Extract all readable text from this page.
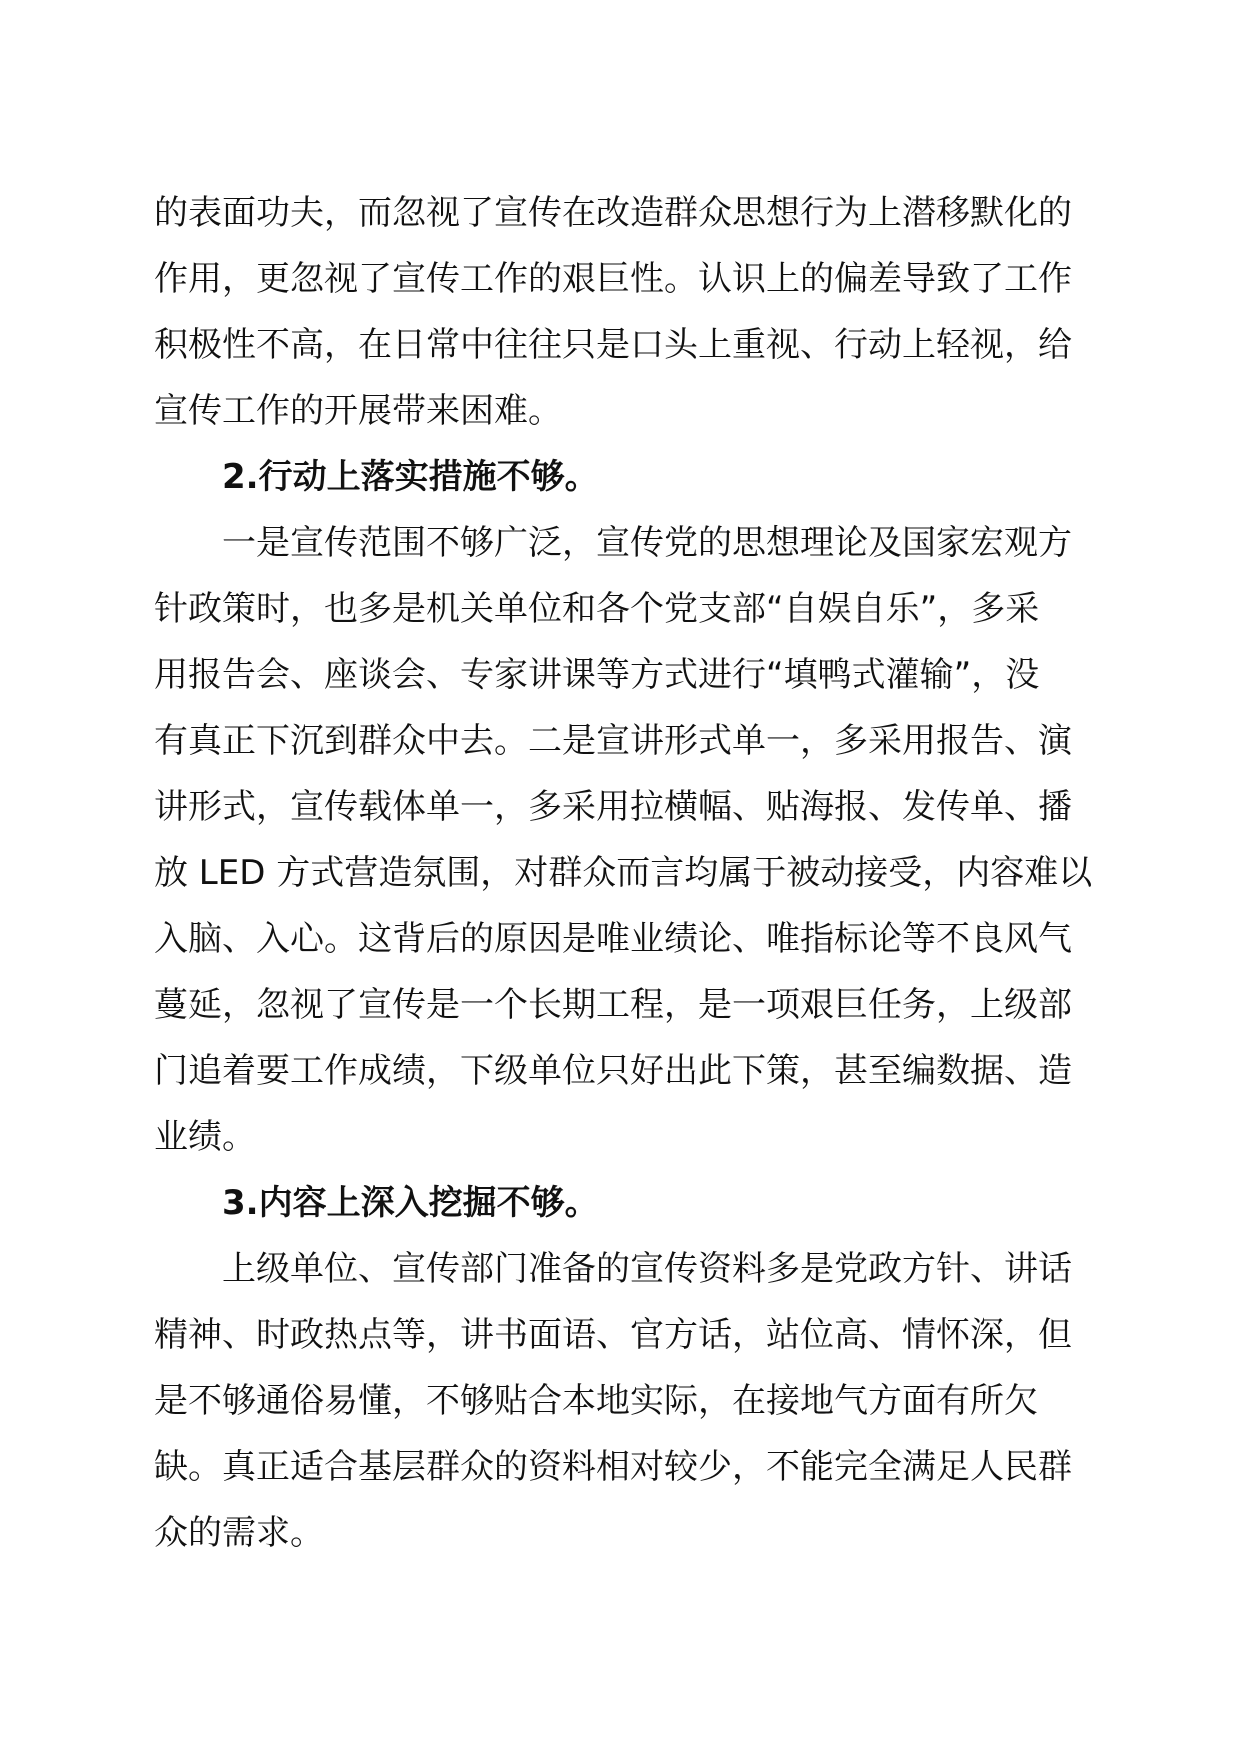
的表面功夫，而忽视了宣传在改造群众思想行为上潜移默化的
作用，更忽视了宣传工作的艰巨性。认识上的偏差导致了工作
积极性不高，在日常中往往只是口头上重视、行动上轻视，给
宣传工作的开展带来困难。
2.行动上落实措施不够。
一是宣传范围不够广泛，宣传党的思想理论及国家宏观方
针政策时，也多是机关单位和各个党支部“自娱自乐”，多采
用报告会、座谈会、专家讲课等方式进行“填鸭式灌输”，没
有真正下沉到群众中去。二是宣讲形式单一，多采用报告、演
讲形式，宣传载体单一，多采用拉横幅、贴海报、发传单、播
放 LED 方式营造氛围，对群众而言均属于被动接受，内容难以
入脑、入心。这背后的原因是唯业绩论、唯指标论等不良风气
蔓延，忽视了宣传是一个长期工程，是一项艰巨任务，上级部
门追着要工作成绩，下级单位只好出此下策，甚至编数据、造
业绩。
3.内容上深入挖掘不够。
上级单位、宣传部门准备的宣传资料多是党政方针、讲话
精神、时政热点等，讲书面语、官方话，站位高、情怀深，但
是不够通俗易懂，不够贴合本地实际，在接地气方面有所欠
缺。真正适合基层群众的资料相对较少，不能完全满足人民群
众的需求。
